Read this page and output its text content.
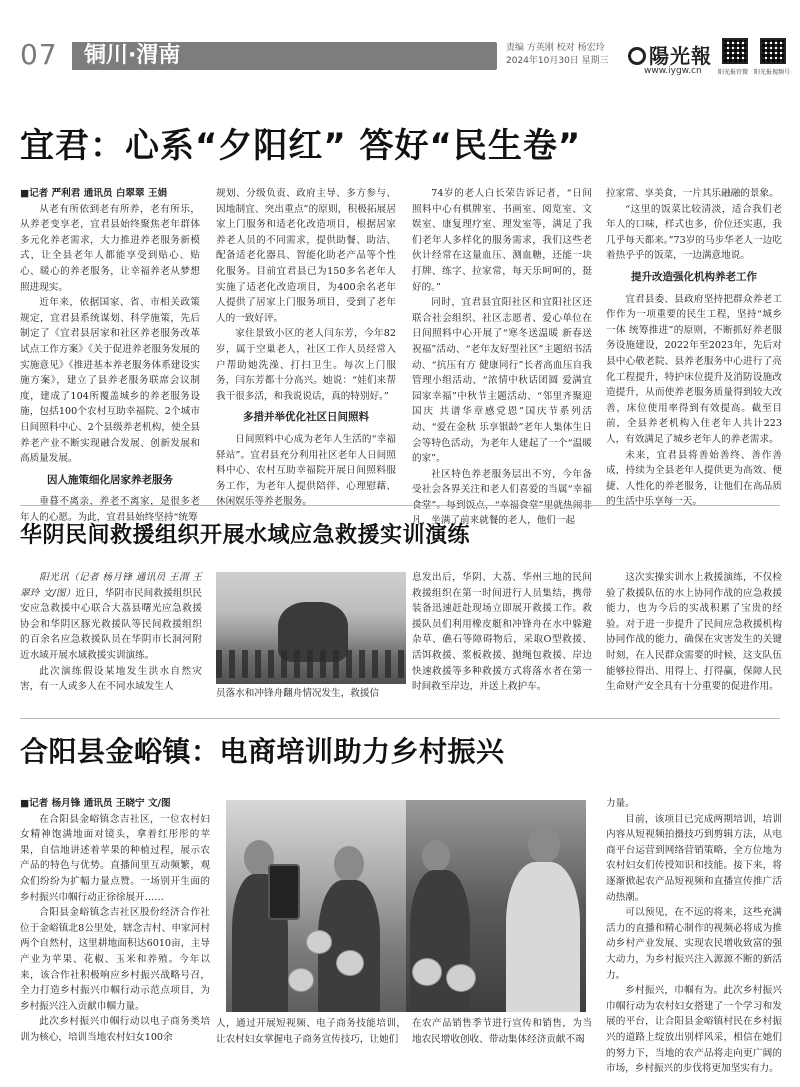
07 铜川·渭南	责编 方英刚 校对 杨宏玲
2024年10月30日 星期三	陽光報
www.iygw.cn	阳光报官微 阳光报视频号
宜君：心系“夕阳红” 答好“民生卷”
■记者 严利君 通讯员 白翠翠 王娟

从老有所依到老有所养，老有所乐，从养老变享老，宜君县始终聚焦老年群体多元化养老需求，大力推进养老服务新模式，让全县老年人都能享受到贴心、贴心、暖心的养老服务，让幸福养老从梦想照进现实。

近年来，依据国家、省、市相关政策规定，宜君县系统谋划、科学施策，先后制定了《宜君县居家和社区养老服务改革试点工作方案》《关于促进养老服务发展的实施意见》《推进基本养老服务体系建设实施方案》，建立了县养老服务联席会议制度，建成了104所覆盖城乡的养老服务设施，包括100个农村互助幸福院、2个城市日间照料中心、2个县级养老机构，使全县养老产业不断实现融合发展、创新发展和高质量发展。

因人施策细化居家养老服务

垂暮不离亲，养老不离家，是很多老年人的心愿。为此，宜君县始终坚持“统筹

规划、分级负责、政府主导、多方参与、因地制宜、突出重点”的原则，积极拓展居家上门服务和适老化改造项目，根据居家养老人员的不同需求，提供助餐、助洁、配备适老化器具、智能化助老产品等个性化服务。目前宜君县已为150多名老年人实施了适老化改造项目，为400余名老年人提供了居家上门服务项目，受到了老年人的一致好评。

家住景致小区的老人闫东芳，今年82岁，属于空巢老人，社区工作人员经常入户帮助她洗澡、打扫卫生。每次上门服务，闫东芳都十分高兴。她说：“娃们来帮我干很多活，和我说说话，真的特别好。”

多措并举优化社区日间照料

日间照料中心成为老年人生活的“幸福驿站”。宜君县充分利用社区老年人日间照料中心、农村互助幸福院开展日间照料服务工作，为老年人提供陪伴、心理慰藉、休闲娱乐等养老服务。

74岁的老人白长荣告诉记者，“日间照料中心有棋牌室、书画室、阅览室、文娱室、康复理疗室、理发室等，满足了我们老年人多样化的服务需求，我们这些老伙计经常在这量血压、测血糖，还能一块打牌、练字、拉家常，每天乐呵呵的，挺好的。”

同时，宜君县宜阳社区和宜阳社区还联合社会组织、社区志愿者、爱心单位在日间照料中心开展了“寒冬送温暖 新春送祝福”活动、“老年友好型社区”主题绍书活动、“抗压有方 健康同行”长者高血压自我管理小组活动、“浓情中秋话团圆 爱满宜园家幸福”中秋节主题活动、“邻里齐聚迎国庆 共谱华章感党恩”国庆节系列活动、“爱在金秋 乐享银龄”老年人集体生日会等特色活动，为老年人建起了一个“温暖的家”。

社区特色养老服务层出不穷，今年备受社会各界关注和老人们喜爱的当属“幸福食堂”。每到饭点，“幸福食堂”里就热闹非凡，坐满了前来就餐的老人，他们一起

拉家常、享美食，一片其乐融融的景象。

“这里的饭菜比较清淡，适合我们老年人的口味，样式也多，价位还实惠，我几乎每天都来。”73岁的马步华老人一边吃着热乎乎的饭菜，一边满意地说。

提升改造强化机构养老工作

宜君县委、县政府坚持把群众养老工作作为一项重要的民生工程，坚持“城乡一体 统筹推进”的原则，不断抓好养老服务设施建设，2022年至2023年，先后对县中心敬老院、县养老服务中心进行了亮化工程提升，特护床位提升及消防设施改造提升，从而使养老服务质量得到较大改善，床位使用率得到有效提高。截至目前，全县养老机构入住老年人共计223人，有效满足了城乡老年人的养老需求。

未来，宜君县将善始善终、善作善成，持续为全县老年人提供更为高效、便捷、人性化的养老服务，让他们在高品质的生活中乐享每一天。

华阴民间救援组织开展水域应急救援实训演练

阳光讯（记者 杨月锋 通讯员 王渭 王翠玲 文/图）近日，华阴市民间救援组织民安应急救援中心联合大荔县曙光应急救援协会和华阴区豚光救援队等民间救援组织的百余名应急救援队员在华阴市长洞河附近水域开展水域救援实训演练。

此次演练假设某地发生洪水自然灾害，有一人或多人在不同水域发生人

员落水和冲锋舟翻舟情况发生，救援信

息发出后，华阴、大荔、华州三地的民间救援组织在第一时间进行人员集结，携带装备迅速赶赴现场立即展开救援工作。救援队员们利用橡皮艇和冲锋舟在水中躲避杂草、礁石等障碍物后，采取O型救援、活饵救援、浆板救援、抛绳包救援、岸边快速救援等多种救援方式将落水者在第一时间救至岸边，并送上救护车。

这次实操实训水上救援演练，不仅检验了救援队伍的水上协同作战的应急救援能力，也为今后的实战积累了宝贵的经验。对于进一步提升了民间应急救援机构协同作战的能力，确保在灾害发生的关键时刻，在人民群众需要的时候，这支队伍能够拉得出、用得上、打得赢，保障人民生命财产安全具有十分重要的促进作用。

合阳县金峪镇：电商培训助力乡村振兴
■记者 杨月锋 通讯员 王晓宁 文/图

在合阳县金峪镇念吉社区，一位农村妇女精神饱满地面对镜头，拿着红彤彤的苹果，自信地讲述着苹果的种植过程，展示农产品的特色与优势。直播间里互动频繁，观众们纷纷为扩幅力量点赞。一场别开生面的乡村振兴巾帼行动正徐徐展开……

合阳县金峪镇念吉社区股份经济合作社位于金峪镇北8公里处，辖念吉村、申家河村两个自然村，这里耕地面积达6010亩，主导产业为苹果、花椒、玉米和养殖。今年以来，该合作社积极响应乡村振兴战略号召，全力打造乡村振兴巾帼行动示范点项目，为乡村振兴注入贡献巾帼力量。

此次乡村振兴巾帼行动以电子商务类培训为核心，培训当地农村妇女100余

人，通过开展短视频、电子商务技能培训，让农村妇女掌握电子商务宣传技巧，让她们

在农产品销售季节进行宣传和销售，为当地农民增收创收、带动集体经济贡献不竭

力量。

目前，该项目已完成两期培训，培训内容从短视频拍摄技巧到剪辑方法，从电商平台运营到网络营销策略，全方位地为农村妇女们传授知识和技能。接下来，将逐渐掀起农产品短视频和直播宣传推广活动热潮。

可以预见，在不远的将来，这些充满活力的直播和精心制作的视频必将成为推动乡村产业发展、实现农民增收致富的强大动力，为乡村振兴注入源源不断的新活力。

乡村振兴，巾帼有为。此次乡村振兴巾帼行动为农村妇女搭建了一个学习和发展的平台，让合阳县金峪镇村民在乡村振兴的道路上绽放出别样风采，相信在她们的努力下，当地的农产品将走向更广阔的市场，乡村振兴的步伐将更加坚实有力。
